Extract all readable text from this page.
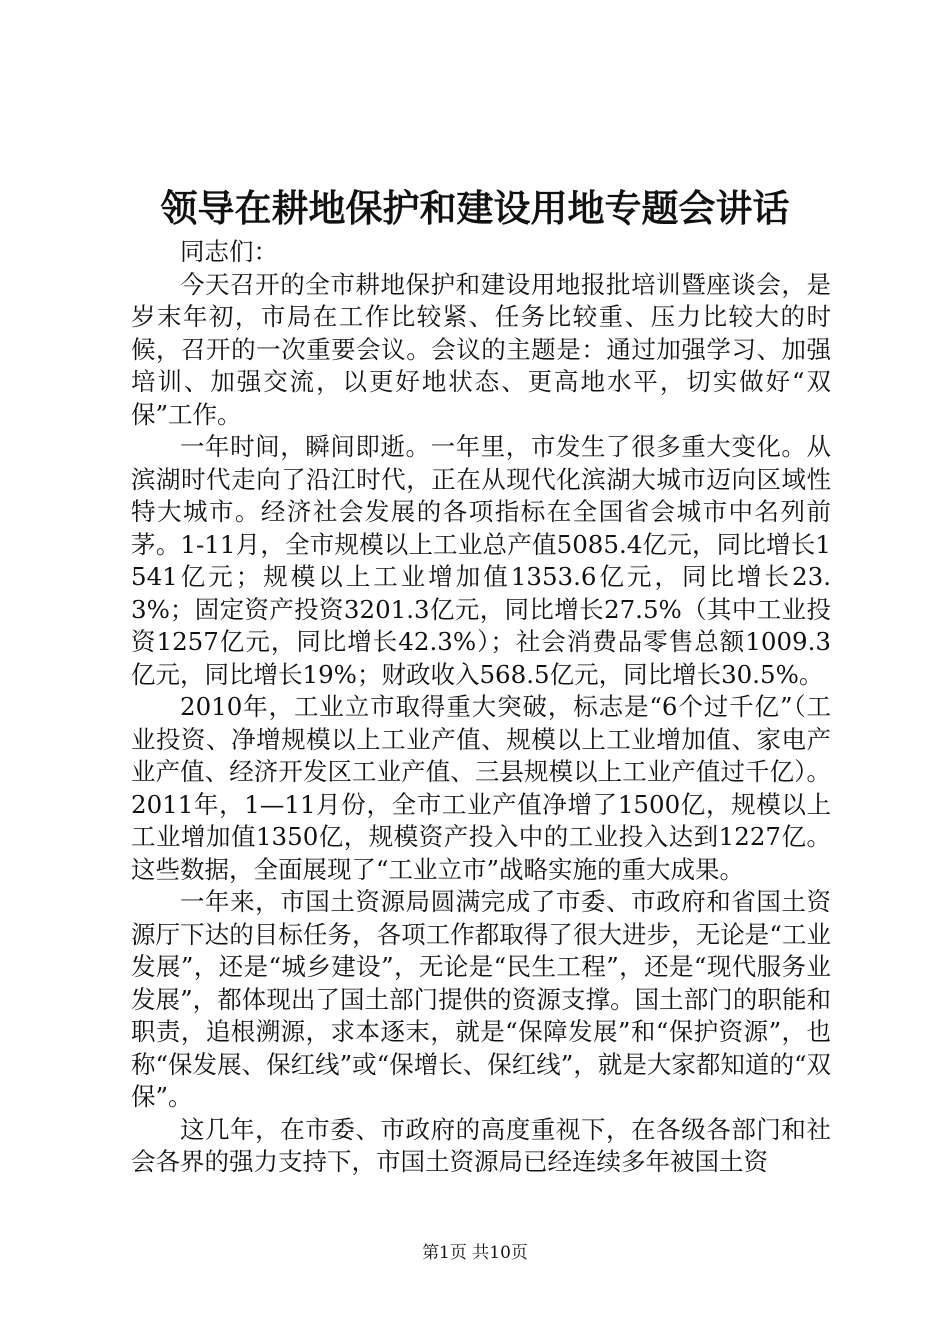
领导在耕地保护和建设用地专题会讲话

同志们：

今天召开的全市耕地保护和建设用地报批培训暨座谈会，是岁末年初，市局在工作比较紧、任务比较重、压力比较大的时候，召开的一次重要会议。会议的主题是：通过加强学习、加强培训、加强交流，以更好地状态、更高地水平，切实做好“双保”工作。

一年时间，瞬间即逝。一年里，市发生了很多重大变化。从滨湖时代走向了沿江时代，正在从现代化滨湖大城市迈向区域性特大城市。经济社会发展的各项指标在全国省会城市中名列前茅。1-11月，全市规模以上工业总产值5085.4亿元，同比增长1541亿元；规模以上工业增加值1353.6亿元，同比增长23.3%；固定资产投资3201.3亿元，同比增长27.5%（其中工业投资1257亿元，同比增长42.3%）；社会消费品零售总额1009.3亿元，同比增长19%；财政收入568.5亿元，同比增长30.5%。

2010年，工业立市取得重大突破，标志是“6个过千亿”（工业投资、净增规模以上工业产值、规模以上工业增加值、家电产业产值、经济开发区工业产值、三县规模以上工业产值过千亿）。2011年，1—11月份，全市工业产值净增了1500亿，规模以上工业增加值1350亿，规模资产投入中的工业投入达到1227亿。这些数据，全面展现了“工业立市”战略实施的重大成果。

一年来，市国土资源局圆满完成了市委、市政府和省国土资源厅下达的目标任务，各项工作都取得了很大进步，无论是“工业发展”，还是“城乡建设”，无论是“民生工程”，还是“现代服务业发展”，都体现出了国土部门提供的资源支撑。国土部门的职能和职责，追根溯源，求本逐末，就是“保障发展”和“保护资源”，也称“保发展、保红线”或“保增长、保红线”，就是大家都知道的“双保”。

这几年，在市委、市政府的高度重视下，在各级各部门和社会各界的强力支持下，市国土资源局已经连续多年被国土资

第1页 共10页
